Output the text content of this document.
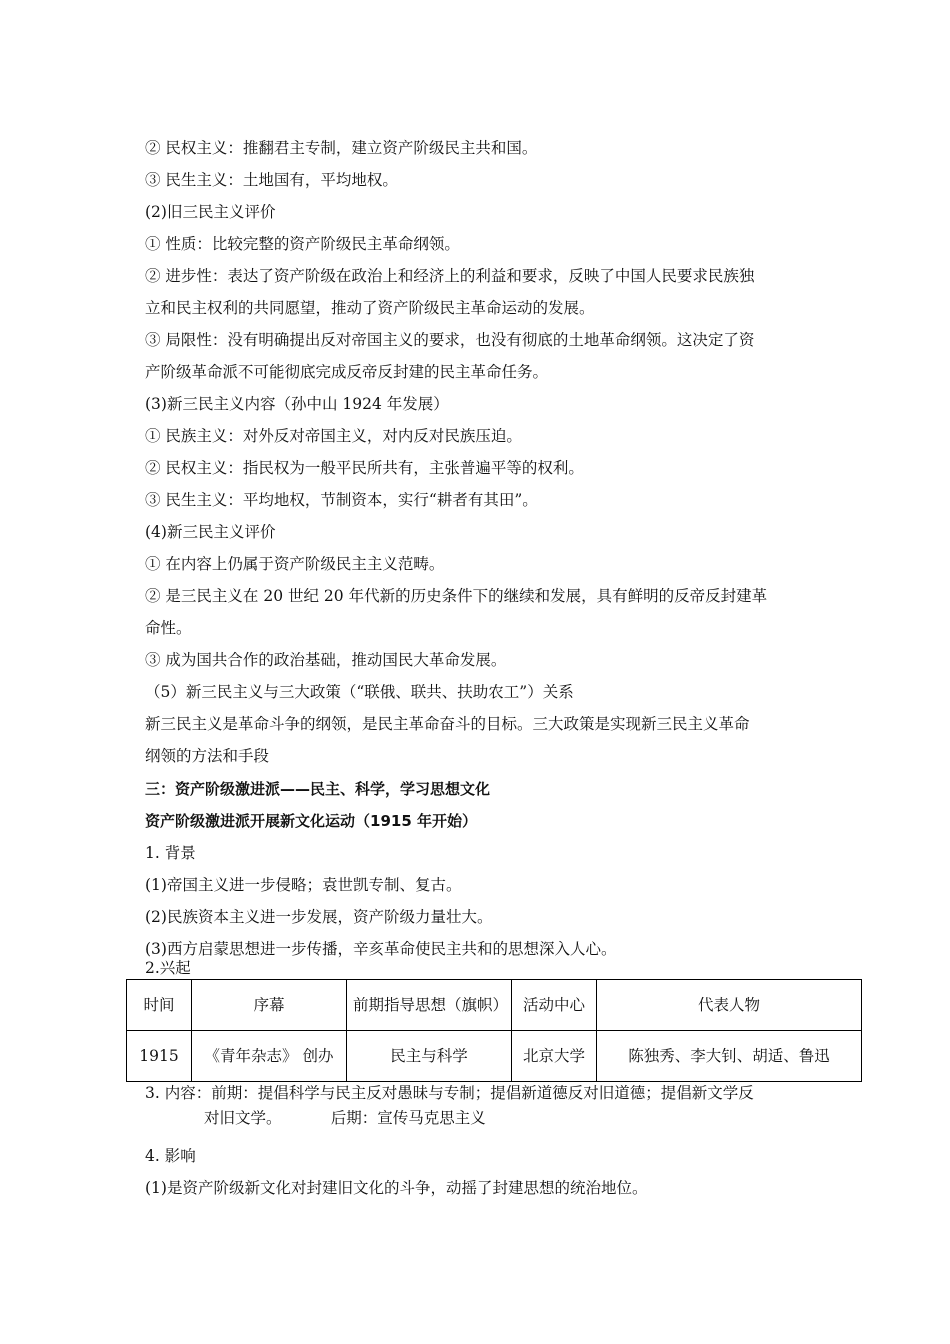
② 民权主义：推翻君主专制，建立资产阶级民主共和国。
③ 民生主义：土地国有，平均地权。
(2)旧三民主义评价
① 性质：比较完整的资产阶级民主革命纲领。
② 进步性：表达了资产阶级在政治上和经济上的利益和要求，反映了中国人民要求民族独
立和民主权利的共同愿望，推动了资产阶级民主革命运动的发展。
③ 局限性：没有明确提出反对帝国主义的要求，也没有彻底的土地革命纲领。这决定了资
产阶级革命派不可能彻底完成反帝反封建的民主革命任务。
(3)新三民主义内容（孙中山 1924 年发展）
① 民族主义：对外反对帝国主义，对内反对民族压迫。
② 民权主义：指民权为一般平民所共有，主张普遍平等的权利。
③ 民生主义：平均地权，节制资本，实行“耕者有其田”。
(4)新三民主义评价
① 在内容上仍属于资产阶级民主主义范畴。
② 是三民主义在 20 世纪 20 年代新的历史条件下的继续和发展，具有鲜明的反帝反封建革
命性。
③ 成为国共合作的政治基础，推动国民大革命发展。
（5）新三民主义与三大政策（“联俄、联共、扶助农工”）关系
新三民主义是革命斗争的纲领，是民主革命奋斗的目标。三大政策是实现新三民主义革命
纲领的方法和手段
三：资产阶级激进派——民主、科学，学习思想文化
资产阶级激进派开展新文化运动（1915 年开始）
1. 背景
(1)帝国主义进一步侵略；袁世凯专制、复古。
(2)民族资本主义进一步发展，资产阶级力量壮大。
(3)西方启蒙思想进一步传播，辛亥革命使民主共和的思想深入人心。
2.兴起
时间	序幕	前期指导思想（旗帜）	活动中心	代表人物
1915	《青年杂志》 创办	民主与科学	北京大学	陈独秀、李大钊、胡适、鲁迅
3. 内容：前期：提倡科学与民主反对愚昧与专制；提倡新道德反对旧道德；提倡新文学反
对旧文学。          后期：宣传马克思主义
4. 影响
(1)是资产阶级新文化对封建旧文化的斗争，动摇了封建思想的统治地位。
